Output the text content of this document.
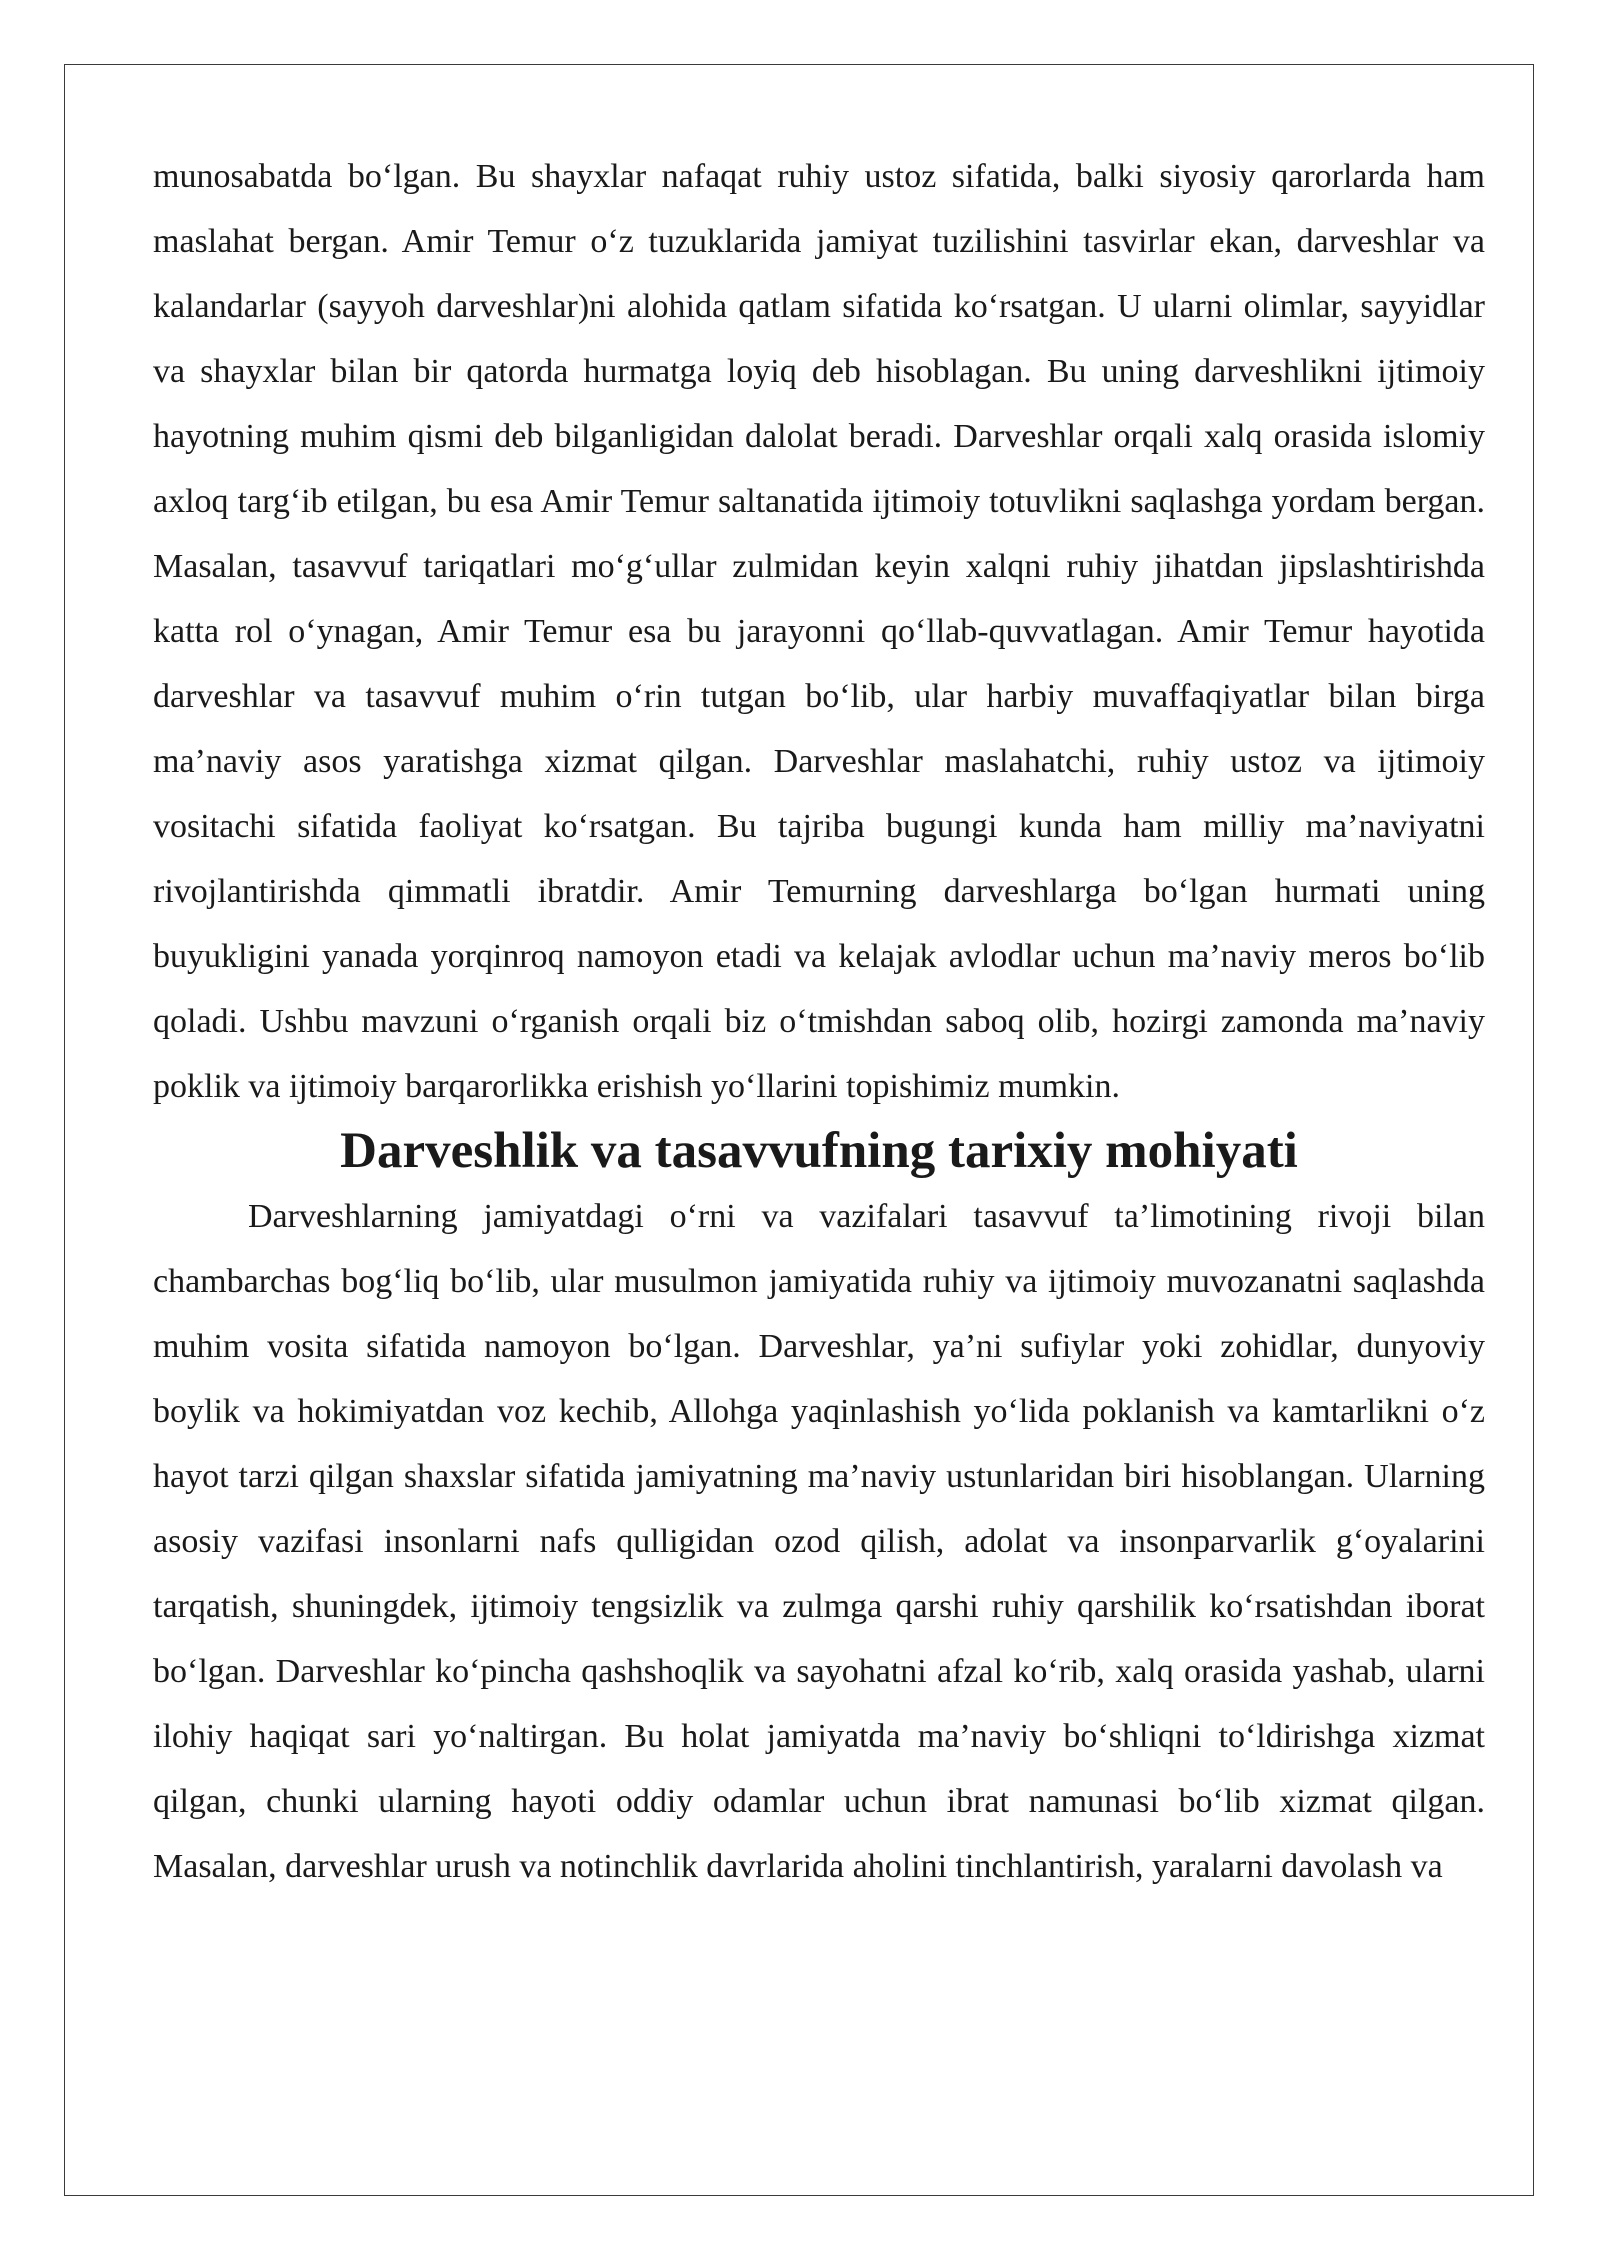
munosabatda bo‘lgan. Bu shayxlar nafaqat ruhiy ustoz sifatida, balki siyosiy qarorlarda ham maslahat bergan. Amir Temur o‘z tuzuklarida jamiyat tuzilishini tasvirlar ekan, darveshlar va kalandarlar (sayyoh darveshlar)ni alohida qatlam sifatida ko‘rsatgan. U ularni olimlar, sayyidlar va shayxlar bilan bir qatorda hurmatga loyiq deb hisoblagan. Bu uning darveshlikni ijtimoiy hayotning muhim qismi deb bilganligidan dalolat beradi. Darveshlar orqali xalq orasida islomiy axloq targ‘ib etilgan, bu esa Amir Temur saltanatida ijtimoiy totuvlikni saqlashga yordam bergan. Masalan, tasavvuf tariqatlari mo‘g‘ullar zulmidan keyin xalqni ruhiy jihatdan jipslashtirishda katta rol o‘ynagan, Amir Temur esa bu jarayonni qo‘llab-quvvatlagan. Amir Temur hayotida darveshlar va tasavvuf muhim o‘rin tutgan bo‘lib, ular harbiy muvaffaqiyatlar bilan birga ma’naviy asos yaratishga xizmat qilgan. Darveshlar maslahatchi, ruhiy ustoz va ijtimoiy vositachi sifatida faoliyat ko‘rsatgan. Bu tajriba bugungi kunda ham milliy ma’naviyatni rivojlantirishda qimmatli ibratdir. Amir Temurning darveshlarga bo‘lgan hurmati uning buyukligini yanada yorqinroq namoyon etadi va kelajak avlodlar uchun ma’naviy meros bo‘lib qoladi. Ushbu mavzuni o‘rganish orqali biz o‘tmishdan saboq olib, hozirgi zamonda ma’naviy poklik va ijtimoiy barqarorlikka erishish yo‘llarini topishimiz mumkin.

Darveshlik va tasavvufning tarixiy mohiyati

Darveshlarning jamiyatdagi o‘rni va vazifalari tasavvuf ta’limotining rivoji bilan chambarchas bog‘liq bo‘lib, ular musulmon jamiyatida ruhiy va ijtimoiy muvozanatni saqlashda muhim vosita sifatida namoyon bo‘lgan. Darveshlar, ya’ni sufiylar yoki zohidlar, dunyoviy boylik va hokimiyatdan voz kechib, Allohga yaqinlashish yo‘lida poklanish va kamtarlikni o‘z hayot tarzi qilgan shaxslar sifatida jamiyatning ma’naviy ustunlaridan biri hisoblangan. Ularning asosiy vazifasi insonlarni nafs qulligidan ozod qilish, adolat va insonparvarlik g‘oyalarini tarqatish, shuningdek, ijtimoiy tengsizlik va zulmga qarshi ruhiy qarshilik ko‘rsatishdan iborat bo‘lgan. Darveshlar ko‘pincha qashshoqlik va sayohatni afzal ko‘rib, xalq orasida yashab, ularni ilohiy haqiqat sari yo‘naltirgan. Bu holat jamiyatda ma’naviy bo‘shliqni to‘ldirishga xizmat qilgan, chunki ularning hayoti oddiy odamlar uchun ibrat namunasi bo‘lib xizmat qilgan. Masalan, darveshlar urush va notinchlik davrlarida aholini tinchlantirish, yaralarni davolash va
